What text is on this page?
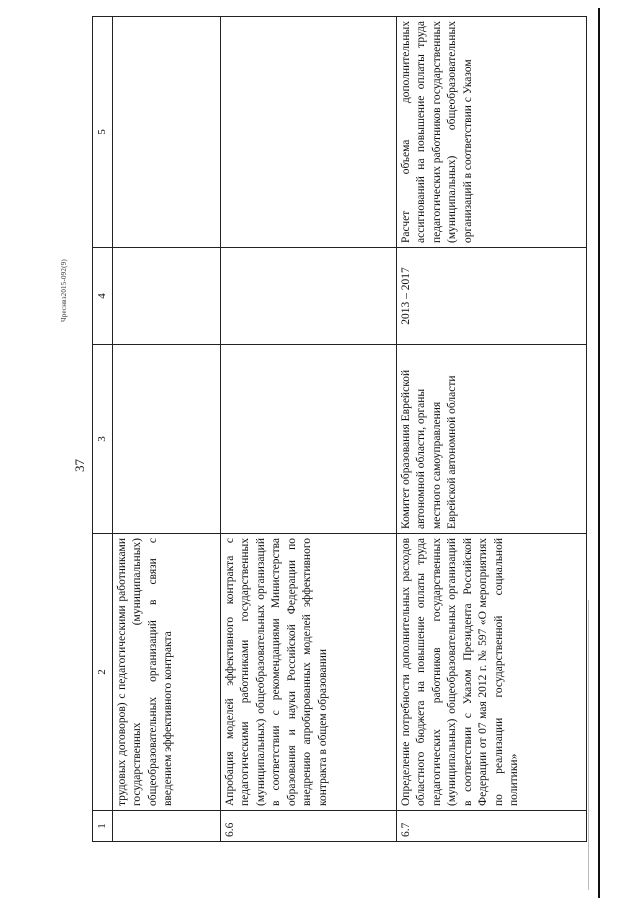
37
Чреснвз2015-092(9)
1	2	3	4	5
	трудовых договоров) с педагогическими работниками государственных (муниципальных) общеобразовательных организаций в связи с введением эффективного контракта			
6.6	Апробация моделей эффективного контракта с педагогическими работниками государственных (муниципальных) общеобразовательных организаций в соответствии с рекомендациями Министерства образования и науки Российской Федерации по внедрению апробированных моделей эффективного контракта в общем образовании			
6.7	Определение потребности дополнительных расходов областного бюджета на повышение оплаты труда педагогических работников государственных (муниципальных) общеобразовательных организаций в соответствии с Указом Президента Российской Федерации от 07 мая 2012 г. № 597 «О мероприятиях по реализации государственной социальной политики»	Комитет образования Еврейской автономной области, органы местного самоуправления Еврейской автономной области	2013 – 2017	Расчет объема дополнительных ассигнований на повышение оплаты труда педагогических работников государственных (муниципальных) общеобразовательных организаций в соответствии с Указом
